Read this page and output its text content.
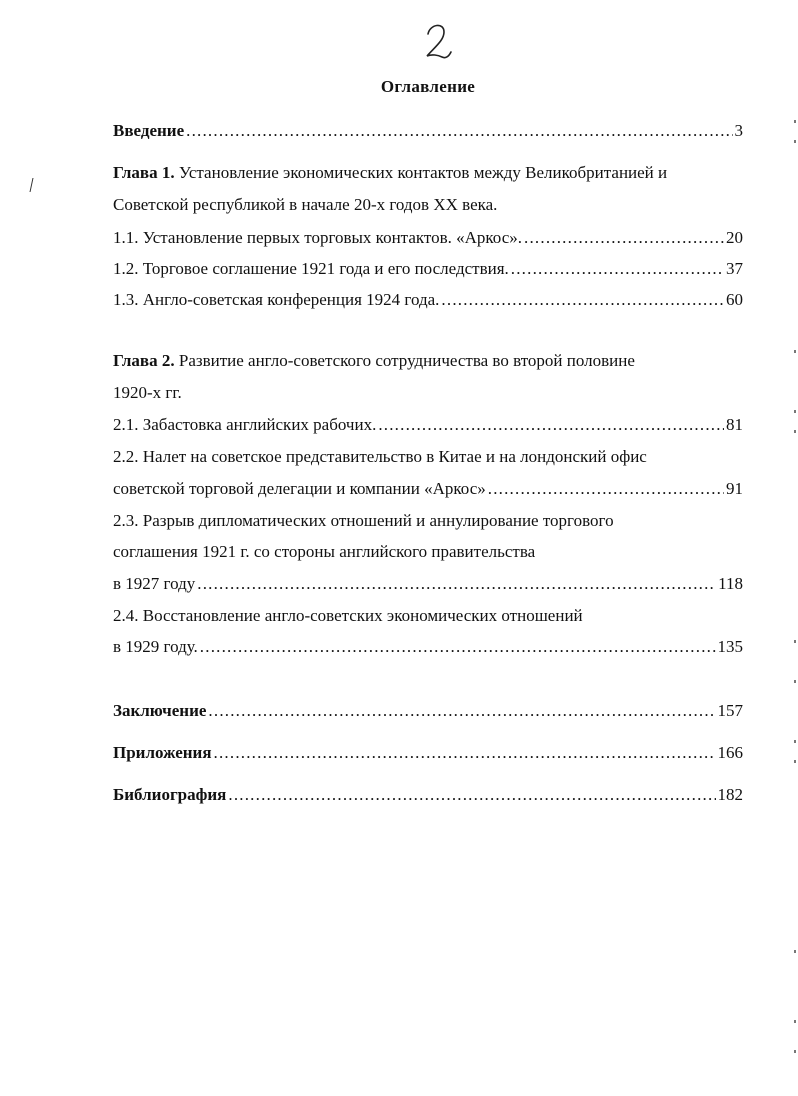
Оглавление
Введение .....	3
Глава 1. Установление экономических контактов между Великобританией и
Советской республикой в начале 20-х годов XX века.
1.1. Установление первых торговых контактов. «Аркос». .....	20
1.2. Торговое соглашение 1921 года и его последствия. .....	37
1.3. Англо-советская конференция 1924 года. .....	60
Глава 2. Развитие англо-советского сотрудничества во второй половине
1920-х гг.
2.1. Забастовка английских рабочих. .....	81
2.2. Налет на советское представительство в Китае и на лондонский офис
советской торговой делегации и компании «Аркос» .....	91
2.3. Разрыв дипломатических отношений и аннулирование торгового
соглашения 1921 г. со стороны английского правительства
в 1927 году .....	118
2.4. Восстановление англо-советских экономических отношений
в 1929 году. .....	135
Заключение .....	157
Приложения .....	166
Библиография .....	182
